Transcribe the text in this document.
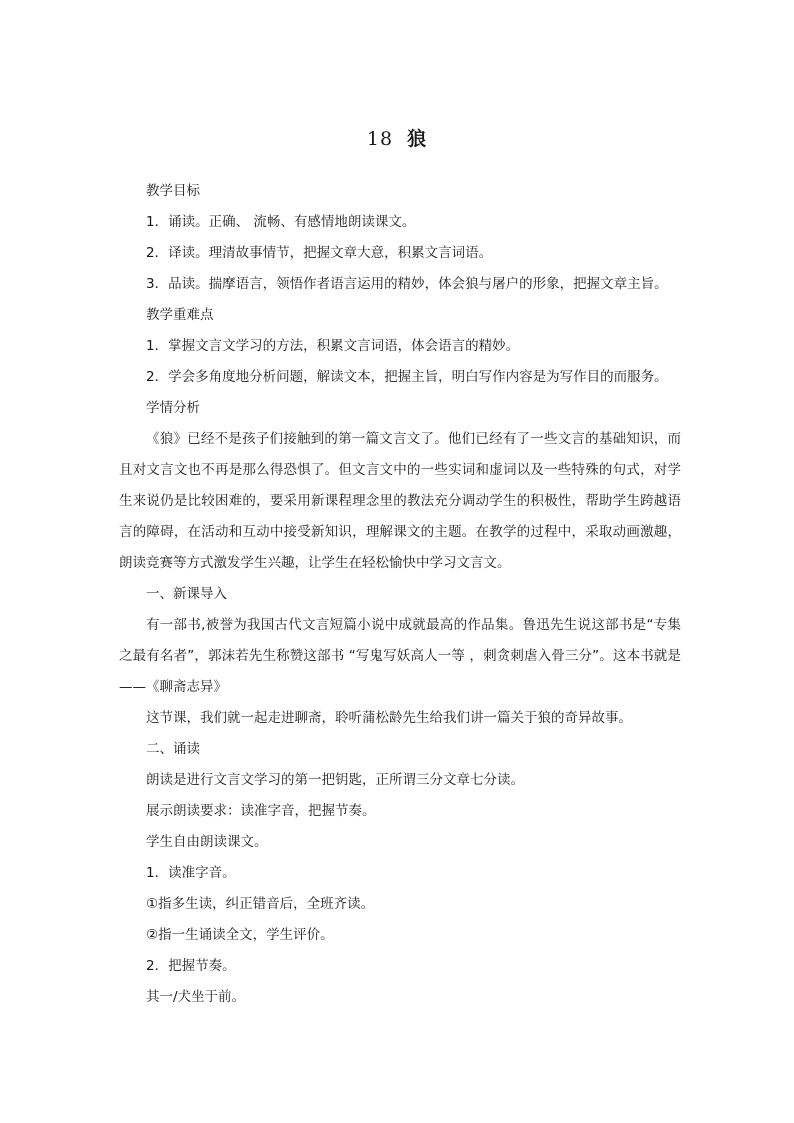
18 狼
教学目标
1．诵读。正确、 流畅、有感情地朗读课文。
2．译读。理清故事情节，把握文章大意，积累文言词语。
3．品读。揣摩语言，领悟作者语言运用的精妙，体会狼与屠户的形象，把握文章主旨。
教学重难点
1．掌握文言文学习的方法，积累文言词语，体会语言的精妙。
2．学会多角度地分析问题，解读文本，把握主旨，明白写作内容是为写作目的而服务。
学情分析
《狼》已经不是孩子们接触到的第一篇文言文了。他们已经有了一些文言的基础知识，而且对文言文也不再是那么得恐惧了。但文言文中的一些实词和虚词以及一些特殊的句式，对学生来说仍是比较困难的，要采用新课程理念里的教法充分调动学生的积极性，帮助学生跨越语言的障碍，在活动和互动中接受新知识，理解课文的主题。在教学的过程中，采取动画激趣，朗读竞赛等方式激发学生兴趣，让学生在轻松愉快中学习文言文。
一、新课导入
有一部书,被誉为我国古代文言短篇小说中成就最高的作品集。鲁迅先生说这部书是“专集之最有名者”，郭沫若先生称赞这部书 “写鬼写妖高人一等 ，刺贪刺虐入骨三分”。这本书就是——《聊斋志异》
这节课，我们就一起走进聊斋，聆听蒲松龄先生给我们讲一篇关于狼的奇异故事。
二、诵读
朗读是进行文言文学习的第一把钥匙，正所谓三分文章七分读。
展示朗读要求：读准字音，把握节奏。
学生自由朗读课文。
1．读准字音。
①指多生读，纠正错音后，全班齐读。
②指一生诵读全文，学生评价。
2．把握节奏。
其一/犬坐于前。
